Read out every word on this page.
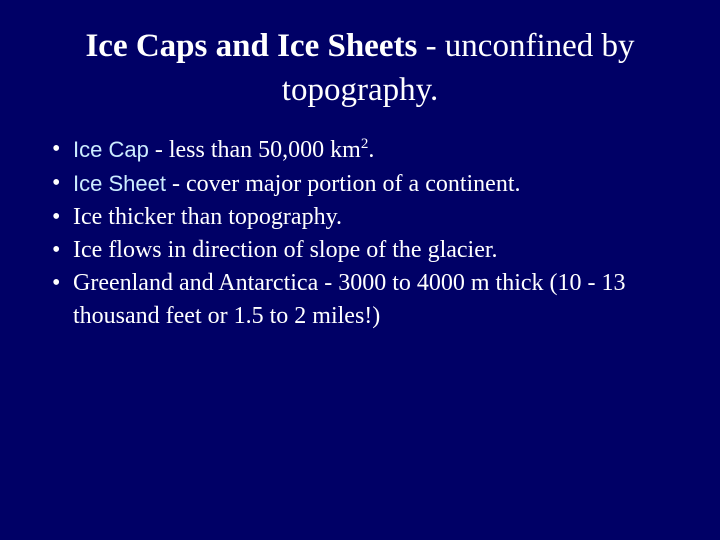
Ice Caps and Ice Sheets - unconfined by topography.
• Ice Cap - less than 50,000 $km^2$.
• Ice Sheet - cover major portion of a continent.
• Ice thicker than topography.
• Ice flows in direction of slope of the glacier.
• Greenland and Antarctica - 3000 to 4000 m thick (10 - 13 thousand feet or 1.5 to 2 miles!)
